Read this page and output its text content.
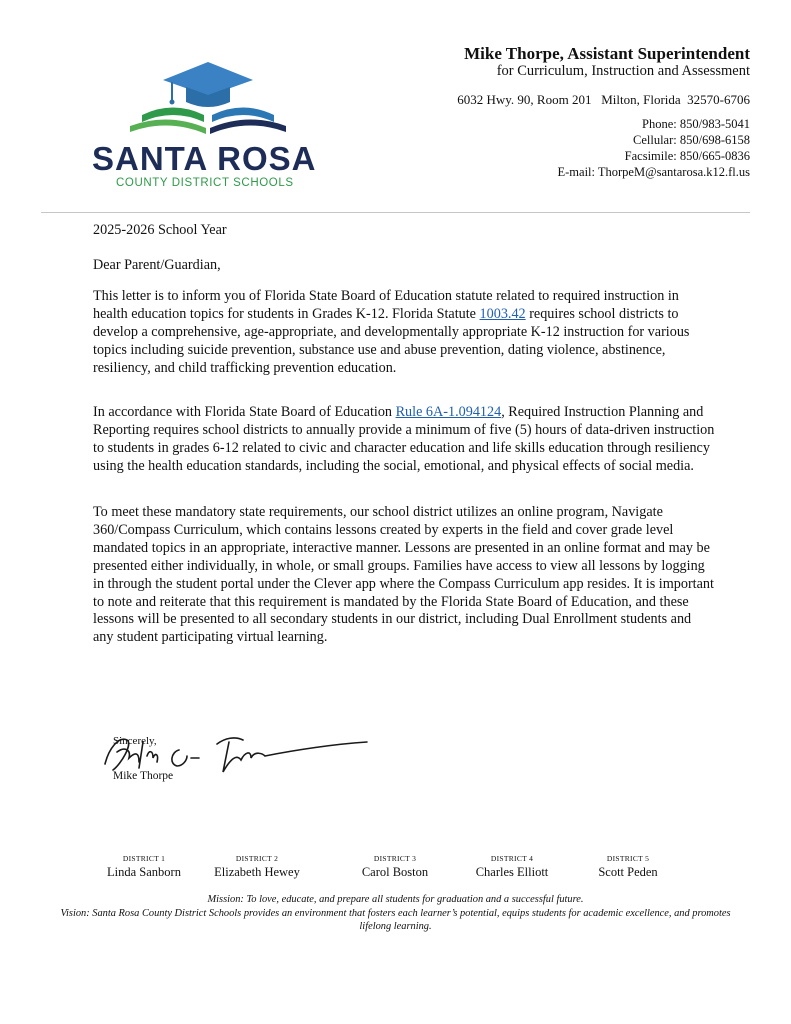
SANTA ROSA
COUNTY DISTRICT SCHOOLS
Mike Thorpe, Assistant Superintendent
for Curriculum, Instruction and Assessment
6032 Hwy. 90, Room 201   Milton, Florida  32570-6706
Phone: 850/983-5041
Cellular: 850/698-6158
Facsimile: 850/665-0836
E-mail: ThorpeM@santarosa.k12.fl.us
2025-2026 School Year
Dear Parent/Guardian,
This letter is to inform you of Florida State Board of Education statute related to required instruction in health education topics for students in Grades K-12. Florida Statute 1003.42 requires school districts to develop a comprehensive, age-appropriate, and developmentally appropriate K-12 instruction for various topics including suicide prevention, substance use and abuse prevention, dating violence, abstinence, resiliency, and child trafficking prevention education.
In accordance with Florida State Board of Education Rule 6A-1.094124, Required Instruction Planning and Reporting requires school districts to annually provide a minimum of five (5) hours of data-driven instruction to students in grades 6-12 related to civic and character education and life skills education through resiliency using the health education standards, including the social, emotional, and physical effects of social media.
To meet these mandatory state requirements, our school district utilizes an online program, Navigate 360/Compass Curriculum, which contains lessons created by experts in the field and cover grade level mandated topics in an appropriate, interactive manner. Lessons are presented in an online format and may be presented either individually, in whole, or small groups. Families have access to view all lessons by logging in through the student portal under the Clever app where the Compass Curriculum app resides. It is important to note and reiterate that this requirement is mandated by the Florida State Board of Education, and these lessons will be presented to all secondary students in our district, including Dual Enrollment students and any student participating virtual learning.
Sincerely,
Mike Thorpe
DISTRICT 1
Linda Sanborn
DISTRICT 2
Elizabeth Hewey
DISTRICT 3
Carol Boston
DISTRICT 4
Charles Elliott
DISTRICT 5
Scott Peden
Mission: To love, educate, and prepare all students for graduation and a successful future.
Vision: Santa Rosa County District Schools provides an environment that fosters each learner’s potential, equips students for academic excellence, and promotes lifelong learning.
